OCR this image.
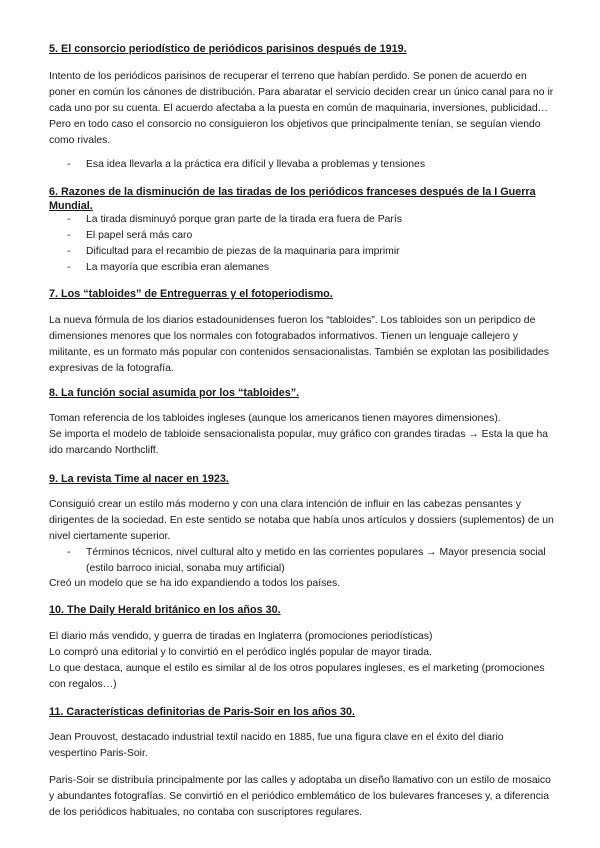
5. El consorcio periodístico de periódicos parisinos después de 1919.

Intento de los periódicos parisinos de recuperar el terreno que habían perdido. Se ponen de acuerdo en poner en común los cánones de distribución. Para abaratar el servicio deciden crear un único canal para no ir cada uno por su cuenta. El acuerdo afectaba a la puesta en común de maquinaria, inversiones, publicidad… Pero en todo caso el consorcio no consiguieron los objetivos que principalmente tenían, se seguían viendo como rivales.

- Esa idea llevarla a la práctica era difícil y llevaba a problemas y tensiones
6. Razones de la disminución de las tiradas de los periódicos franceses después de la I Guerra Mundial.
- La tirada disminuyó porque gran parte de la tirada era fuera de París
- El papel será más caro
- Dificultad para el recambio de piezas de la maquinaria para imprimir
- La mayoría que escribía eran alemanes
7. Los “tabloides” de Entreguerras y el fotoperiodismo.

La nueva fórmula de los diarios estadounidenses fueron los “tabloides”. Los tabloides son un peripdico de dimensiones menores que los normales con fotograbados informativos. Tienen un lenguaje callejero y militante, es un formato más popular con contenidos sensacionalistas. También se explotan las posibilidades expresivas de la fotografía.

8. La función social asumida por los “tabloides”.

Toman referencia de los tabloides ingleses (aunque los americanos tienen mayores dimensiones).

Se importa el modelo de tabloide sensacionalista popular, muy gráfico con grandes tiradas → Esta la que ha ido marcando Northcliff.

9. La revista Time al nacer en 1923.

Consiguió crear un estilo más moderno y con una clara intención de influir en las cabezas pensantes y dirigentes de la sociedad. En este sentido se notaba que había unos artículos y dossiers (suplementos) de un nivel ciertamente superior.

- Términos técnicos, nivel cultural alto y metido en las corrientes populares → Mayor presencia social (estilo barroco inicial, sonaba muy artificial)

Creó un modelo que se ha ido expandiendo a todos los países.

10. The Daily Herald británico en los años 30.

El diario más vendido, y guerra de tiradas en Inglaterra (promociones periodísticas)

Lo compró una editorial y lo convirtió en el peródico inglés popular de mayor tirada.

Lo que destaca, aunque el estilo es similar al de los otros populares ingleses, es el marketing (promociones con regalos…)

11. Características definitorias de Paris-Soir en los años 30.

Jean Prouvost, destacado industrial textil nacido en 1885, fue una figura clave en el éxito del diario vespertino Paris-Soir.

Paris-Soir se distribuía principalmente por las calles y adoptaba un diseño llamativo con un estilo de mosaico y abundantes fotografías. Se convirtió en el periódico emblemático de los bulevares franceses y, a diferencia de los periódicos habituales, no contaba con suscriptores regulares.
